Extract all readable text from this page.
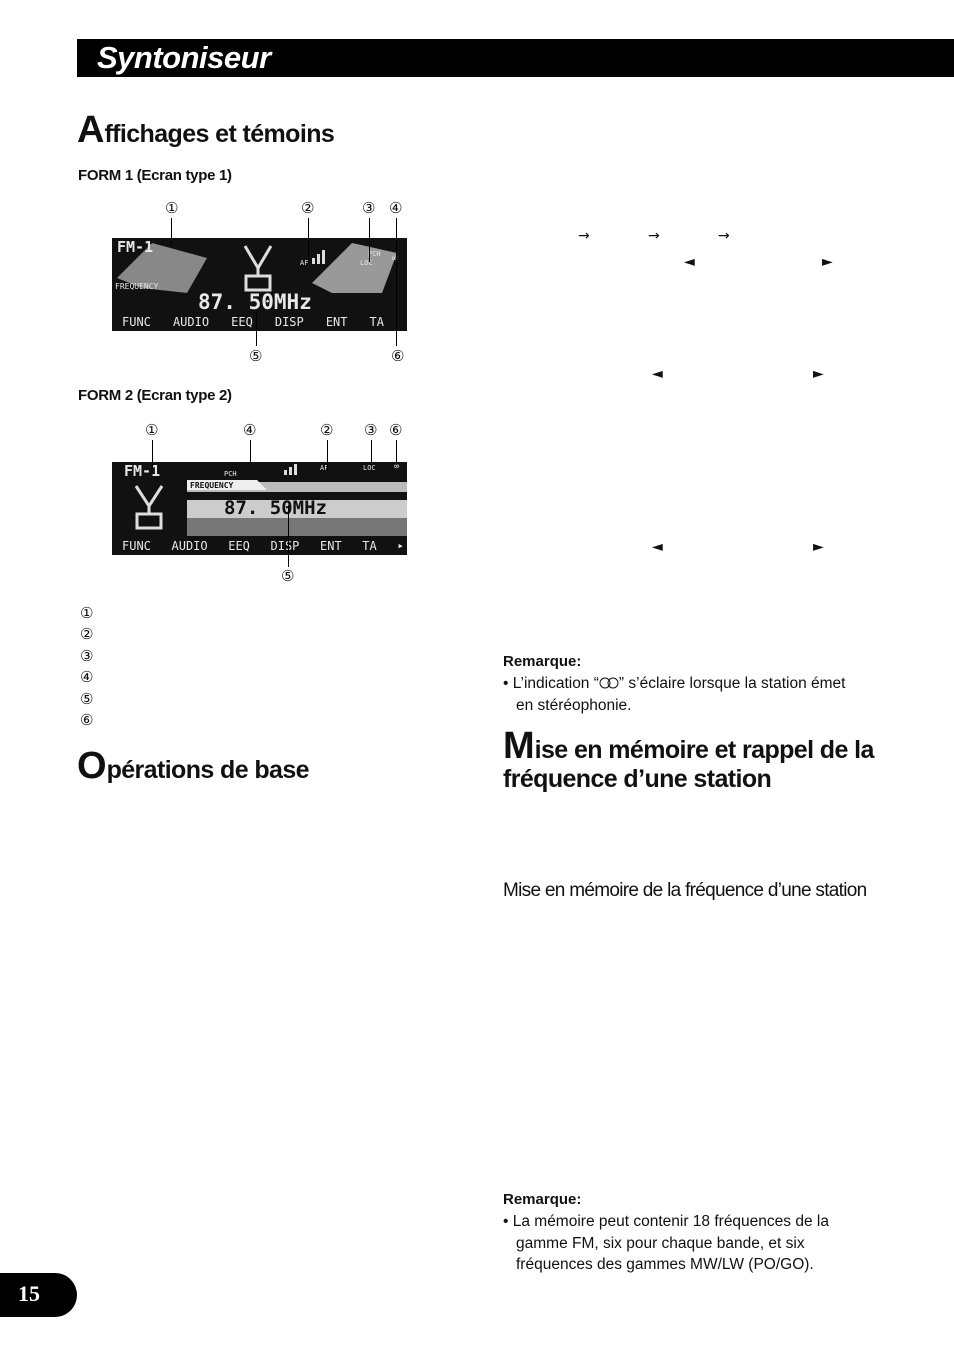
Syntoniseur
Affichages et témoins
FORM 1 (Ecran type 1)
①	②	③ ④
FM-1
FREQUENCY
87. 50MHz
AF
PCH
LOC ∞
FUNC AUDIO EEQ DISP ENT TA
⑤	⑥
FORM 2 (Ecran type 2)
①	④	② ③ ⑥
FM-1
FREQUENCY
87. 50MHz
AF
PCH
LOC ∞
FUNC AUDIO EEQ DISP ENT TA ▸
⑤
①
②
③
④
⑤
⑥
Opérations de base
→	→	→
◄	►
◄	►
◄	►
Remarque:
• L’indication “ ” s’éclaire lorsque la station émet
en stéréophonie.
Mise en mémoire et rappel de la
fréquence d’une station
Mise en mémoire de la fréquence d’une station
Remarque:
• La mémoire peut contenir 18 fréquences de la
gamme FM, six pour chaque bande, et six
fréquences des gammes MW/LW (PO/GO).
15
